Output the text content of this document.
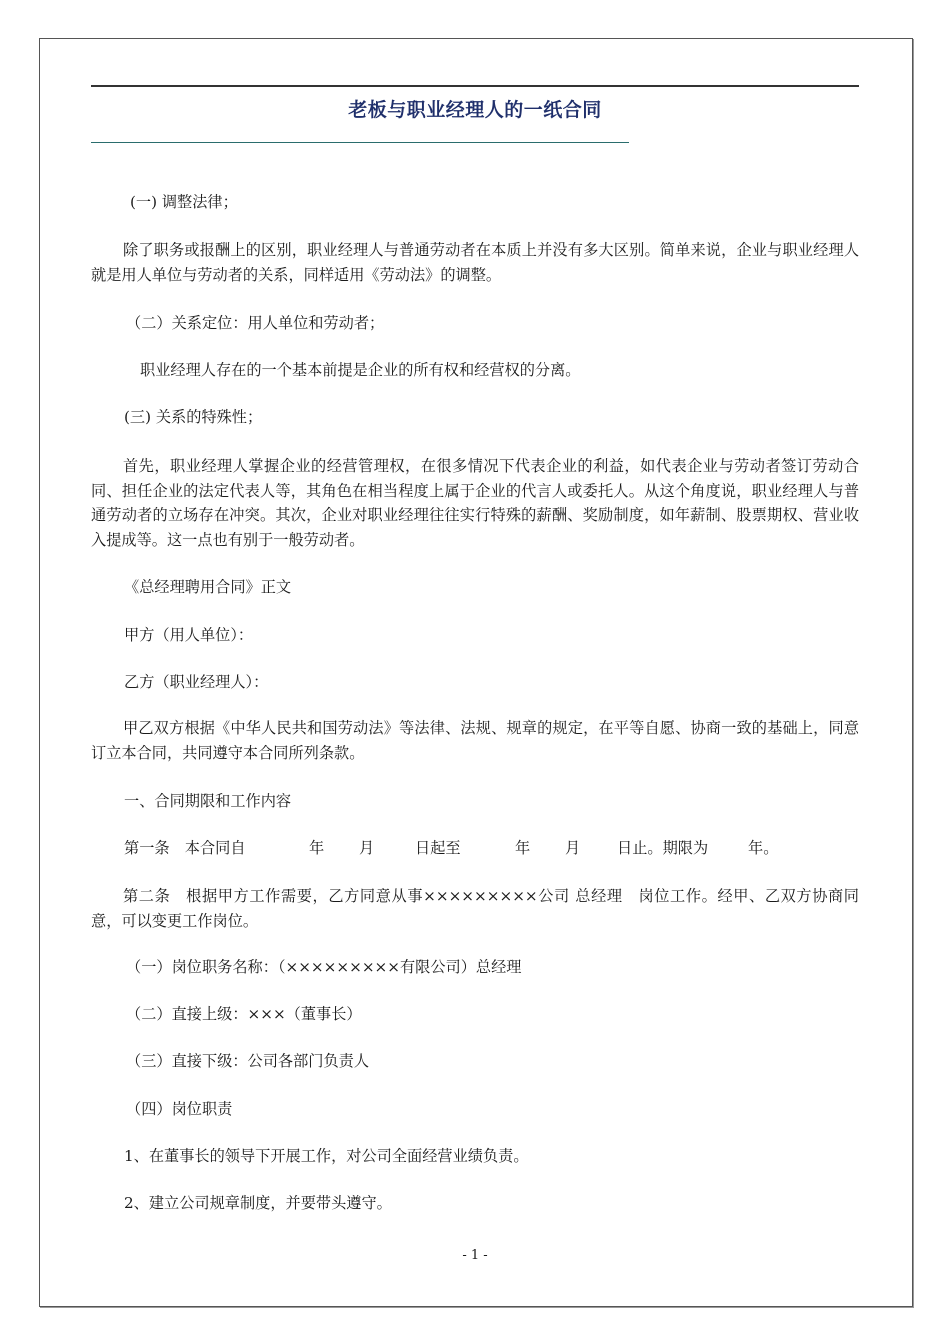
老板与职业经理人的一纸合同

(一) 调整法律；

除了职务或报酬上的区别，职业经理人与普通劳动者在本质上并没有多大区别。简单来说，企业与职业经理人就是用人单位与劳动者的关系，同样适用《劳动法》的调整。

（二）关系定位：用人单位和劳动者；

职业经理人存在的一个基本前提是企业的所有权和经营权的分离。

(三) 关系的特殊性；

首先，职业经理人掌握企业的经营管理权，在很多情况下代表企业的利益，如代表企业与劳动者签订劳动合同、担任企业的法定代表人等，其角色在相当程度上属于企业的代言人或委托人。从这个角度说，职业经理人与普通劳动者的立场存在冲突。其次，企业对职业经理往往实行特殊的薪酬、奖励制度，如年薪制、股票期权、营业收入提成等。这一点也有别于一般劳动者。

《总经理聘用合同》正文

甲方（用人单位）：

乙方（职业经理人）：

甲乙双方根据《中华人民共和国劳动法》等法律、法规、规章的规定，在平等自愿、协商一致的基础上，同意订立本合同，共同遵守本合同所列条款。

一、合同期限和工作内容

第一条　本合同自	年 月	日起至	年 月 日止。期限为	年。

第二条　根据甲方工作需要，乙方同意从事×××××××××公司 总经理　岗位工作。经甲、乙双方协商同意，可以变更工作岗位。

（一）岗位职务名称：（×××××××××有限公司）总经理

（二）直接上级：×××（董事长）

（三）直接下级：公司各部门负责人

（四）岗位职责

1、在董事长的领导下开展工作，对公司全面经营业绩负责。

2、建立公司规章制度，并要带头遵守。

- 1 -
